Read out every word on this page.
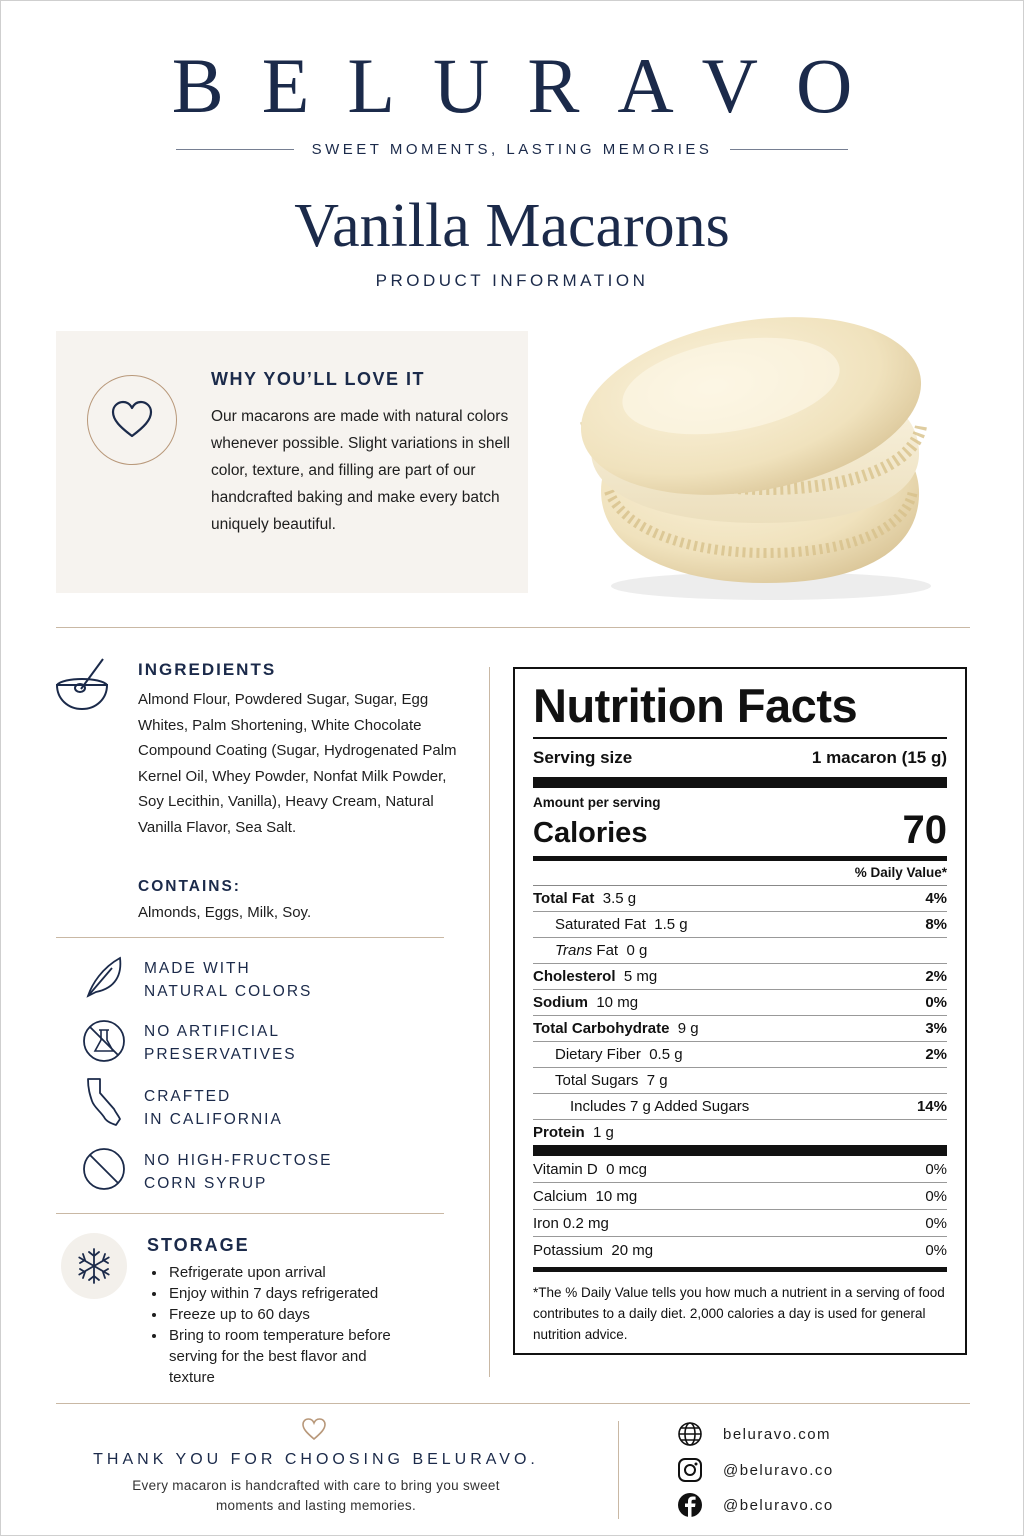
BELURAVO
SWEET MOMENTS, LASTING MEMORIES
Vanilla Macarons
PRODUCT INFORMATION
WHY YOU’LL LOVE IT
Our macarons are made with natural colors whenever possible. Slight variations in shell color, texture, and filling are part of our handcrafted baking and make every batch uniquely beautiful.
INGREDIENTS
Almond Flour, Powdered Sugar, Sugar, Egg Whites, Palm Shortening, White Chocolate Compound Coating (Sugar, Hydrogenated Palm Kernel Oil, Whey Powder, Nonfat Milk Powder, Soy Lecithin, Vanilla), Heavy Cream, Natural Vanilla Flavor, Sea Salt.
CONTAINS:
Almonds, Eggs, Milk, Soy.
MADE WITH
NATURAL COLORS
NO ARTIFICIAL
PRESERVATIVES
CRAFTED
IN CALIFORNIA
NO HIGH-FRUCTOSE
CORN SYRUP
STORAGE
• Refrigerate upon arrival
• Enjoy within 7 days refrigerated
• Freeze up to 60 days
• Bring to room temperature before serving for the best flavor and texture
Nutrition Facts
Serving size	1 macaron (15 g)
Amount per serving
Calories	70
% Daily Value*
Total Fat 3.5 g	4%
Saturated Fat 1.5 g	8%
Trans Fat 0 g
Cholesterol 5 mg	2%
Sodium 10 mg	0%
Total Carbohydrate 9 g	3%
Dietary Fiber 0.5 g	2%
Total Sugars 7 g
Includes 7 g Added Sugars	14%
Protein 1 g
Vitamin D 0 mcg	0%
Calcium 10 mg	0%
Iron 0.2 mg	0%
Potassium 20 mg	0%
*The % Daily Value tells you how much a nutrient in a serving of food contributes to a daily diet. 2,000 calories a day is used for general nutrition advice.
THANK YOU FOR CHOOSING BELURAVO.
Every macaron is handcrafted with care to bring you sweet moments and lasting memories.
beluravo.com
@beluravo.co
@beluravo.co
